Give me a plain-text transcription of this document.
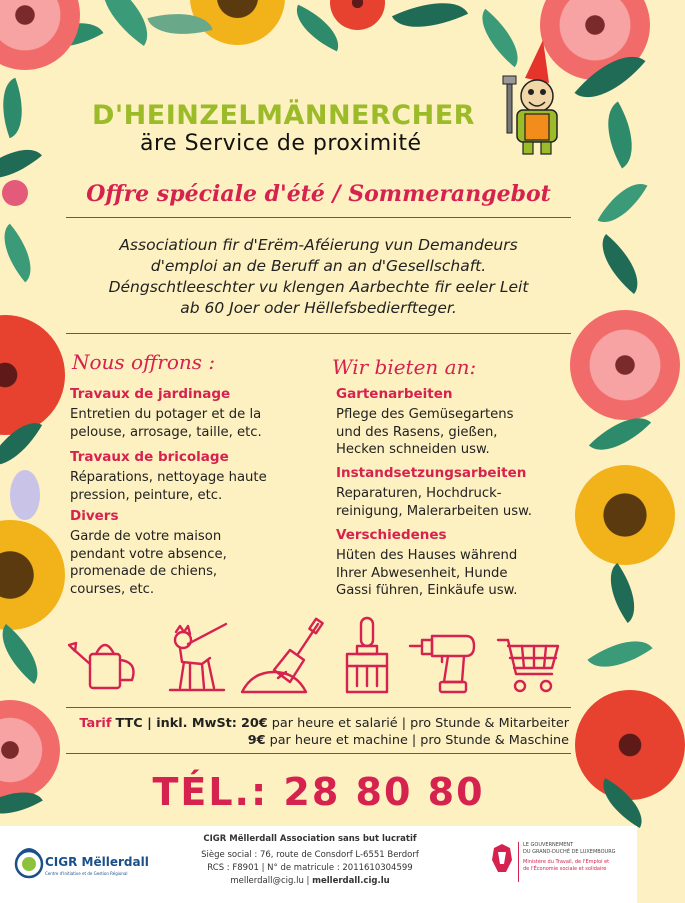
D'HEINZELMÄNNERCHER
äre Service de proximité
Offre spéciale d'été / Sommerangebot
Associatioun fir d'Erëm-Aféierung vun Demandeurs
d'emploi an de Beruff an an d'Gesellschaft.
Déngschtleeschter vu klengen Aarbechte fir eeler Leit
ab 60 Joer oder Hëllefsbedierfteger.
Nous offrons :
Travaux de jardinage
Entretien du potager et de la
pelouse, arrosage, taille, etc.
Travaux de bricolage
Réparations, nettoyage haute
pression, peinture, etc.
Divers
Garde de votre maison
pendant votre absence,
promenade de chiens,
courses, etc.
Wir bieten an:
Gartenarbeiten
Pflege des Gemüsegartens
und des Rasens, gießen,
Hecken schneiden usw.
Instandsetzungsarbeiten
Reparaturen, Hochdruck-
reinigung, Malerarbeiten usw.
Verschiedenes
Hüten des Hauses während
Ihrer Abwesenheit, Hunde
Gassi führen, Einkäufe usw.
Tarif TTC | inkl. MwSt: 20€ par heure et salarié | pro Stunde & Mitarbeiter
9€ par heure et machine | pro Stunde & Maschine
TÉL.: 28 80 80
CIGR Mëllerdall
Centre d'Initiative et de Gestion Régional
CIGR Mëllerdall Association sans but lucratif
Siège social : 76, route de Consdorf L-6551 Berdorf
RCS : F8901 | N° de matricule : 2011610304599
mellerdall@cig.lu | mellerdall.cig.lu
LE GOUVERNEMENT
DU GRAND-DUCHÉ DE LUXEMBOURG
Ministère du Travail, de l'Emploi et
de l'Économie sociale et solidaire
